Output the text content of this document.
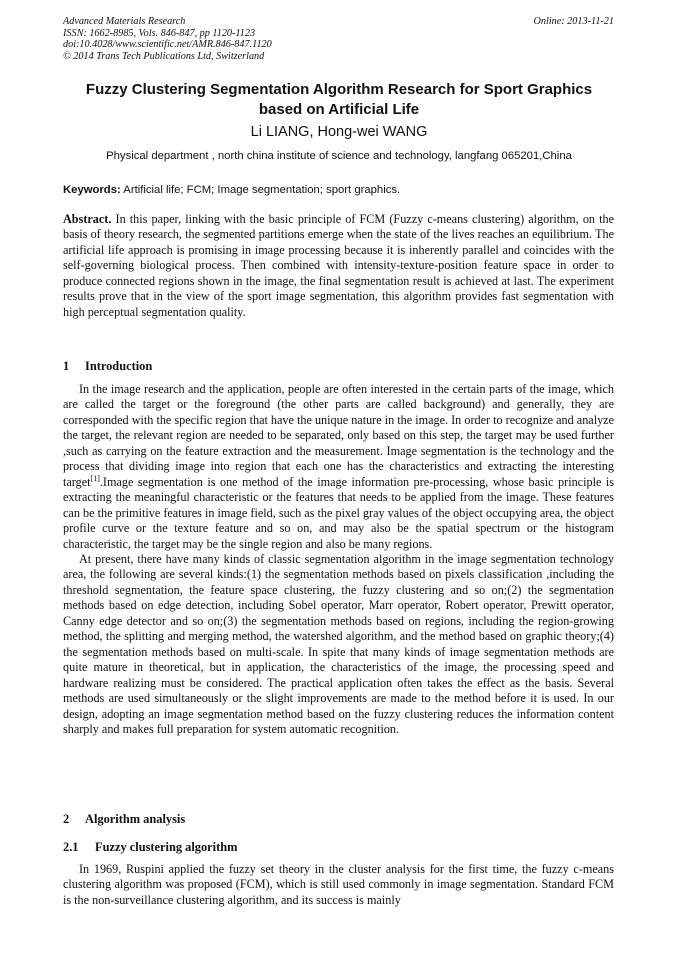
Advanced Materials Research
ISSN: 1662-8985, Vols. 846-847, pp 1120-1123
doi:10.4028/www.scientific.net/AMR.846-847.1120
© 2014 Trans Tech Publications Ltd, Switzerland
Online: 2013-11-21
Fuzzy Clustering Segmentation Algorithm Research for Sport Graphics
based on Artificial Life
Li LIANG, Hong-wei WANG
Physical department , north china institute of science and technology, langfang 065201,China
Keywords: Artificial life; FCM; Image segmentation; sport graphics.

Abstract. In this paper, linking with the basic principle of FCM (Fuzzy c-means clustering) algorithm, on the basis of theory research, the segmented partitions emerge when the state of the lives reaches an equilibrium. The artificial life approach is promising in image processing because it is inherently parallel and coincides with the self-governing biological process. Then combined with intensity-texture-position feature space in order to produce connected regions shown in the image, the final segmentation result is achieved at last. The experiment results prove that in the view of the sport image segmentation, this algorithm provides fast segmentation with high perceptual segmentation quality.

1 Introduction

In the image research and the application, people are often interested in the certain parts of the image, which are called the target or the foreground (the other parts are called background) and generally, they are corresponded with the specific region that have the unique nature in the image. In order to recognize and analyze the target, the relevant region are needed to be separated, only based on this step, the target may be used further ,such as carrying on the feature extraction and the measurement. Image segmentation is the technology and the process that dividing image into region that each one has the characteristics and extracting the interesting target[1].Image segmentation is one method of the image information pre-processing, whose basic principle is extracting the meaningful characteristic or the features that needs to be applied from the image. These features can be the primitive features in image field, such as the pixel gray values of the object occupying area, the object profile curve or the texture feature and so on, and may also be the spatial spectrum or the histogram characteristic, the target may be the single region and also be many regions.

At present, there have many kinds of classic segmentation algorithm in the image segmentation technology area, the following are several kinds:(1) the segmentation methods based on pixels classification ,including the threshold segmentation, the feature space clustering, the fuzzy clustering and so on;(2) the segmentation methods based on edge detection, including Sobel operator, Marr operator, Robert operator, Prewitt operator, Canny edge detector and so on;(3) the segmentation methods based on regions, including the region-growing method, the splitting and merging method, the watershed algorithm, and the method based on graphic theory;(4) the segmentation methods based on multi-scale. In spite that many kinds of image segmentation methods are quite mature in theoretical, but in application, the characteristics of the image, the processing speed and hardware realizing must be considered. The practical application often takes the effect as the basis. Several methods are used simultaneously or the slight improvements are made to the method before it is used. In our design, adopting an image segmentation method based on the fuzzy clustering reduces the information content sharply and makes full preparation for system automatic recognition.

2 Algorithm analysis

2.1 Fuzzy clustering algorithm

In 1969, Ruspini applied the fuzzy set theory in the cluster analysis for the first time, the fuzzy c-means clustering algorithm was proposed (FCM), which is still used commonly in image segmentation. Standard FCM is the non-surveillance clustering algorithm, and its success is mainly
